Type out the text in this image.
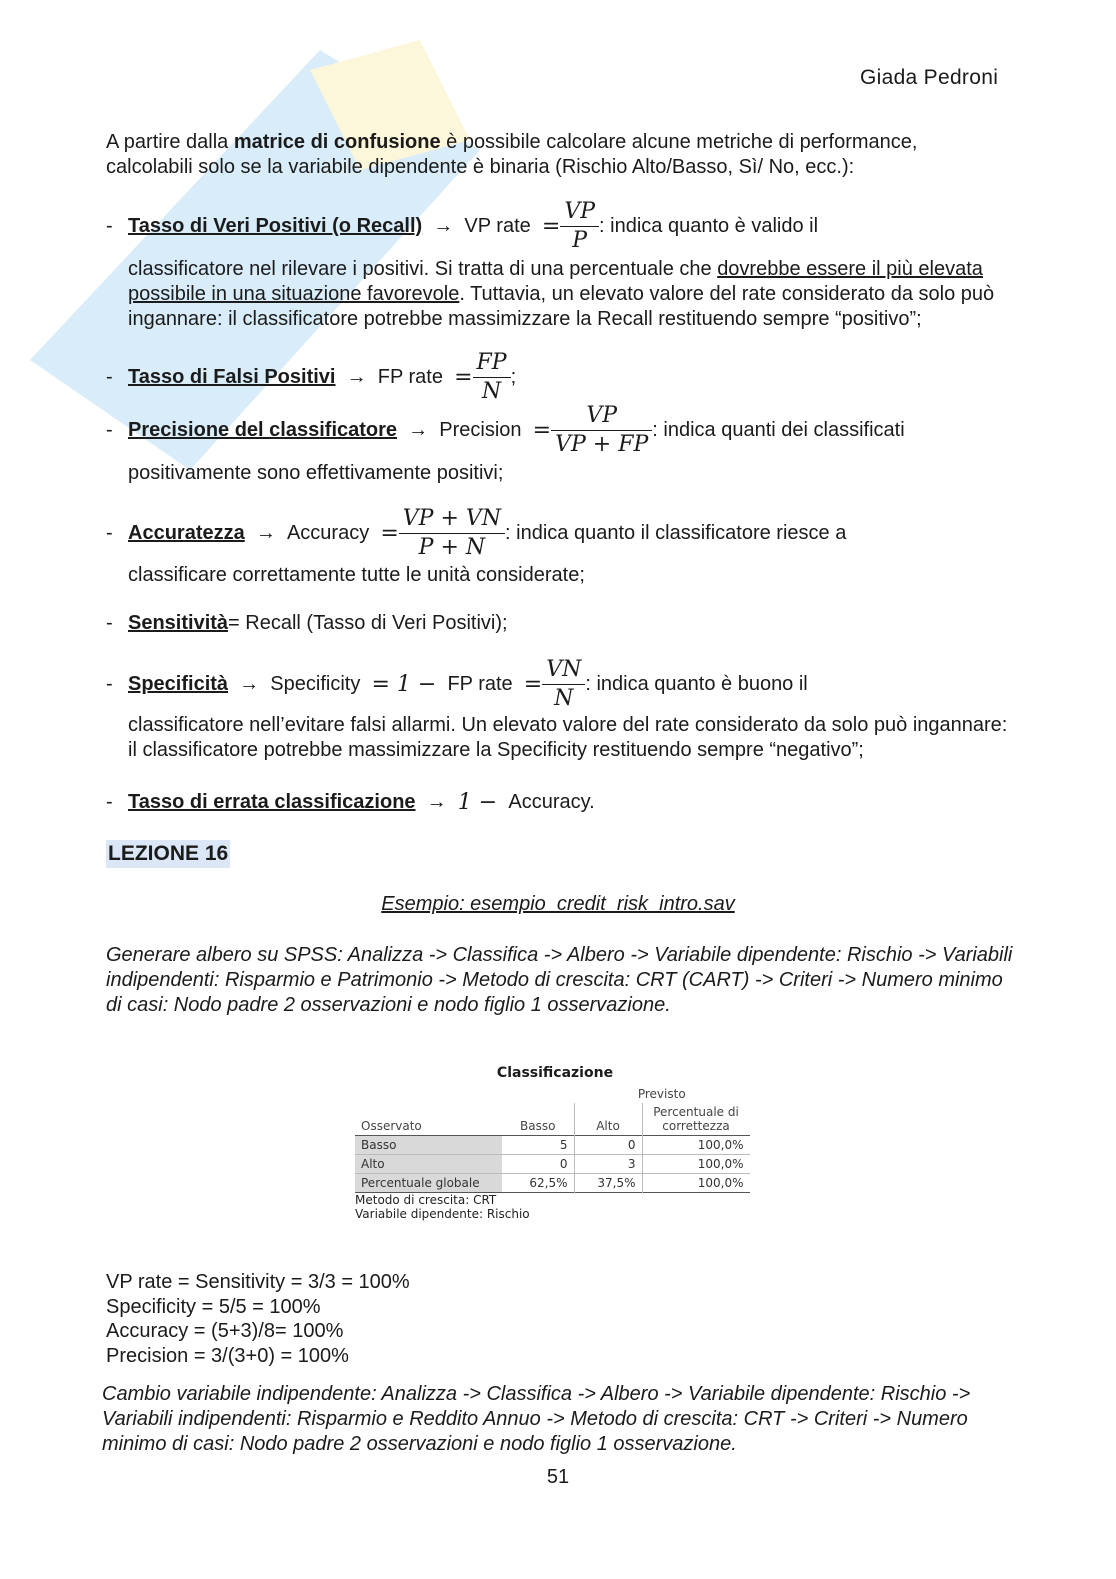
Giada Pedroni
A partire dalla matrice di confusione è possibile calcolare alcune metriche di performance, calcolabili solo se la variabile dipendente è binaria (Rischio Alto/Basso, Sì/ No, ecc.):
- Tasso di Veri Positivi (o Recall)
→
VP rate
= $\frac{VP}{P}$ : indica quanto è valido il
classificatore nel rilevare i positivi. Si tratta di una percentuale che dovrebbe essere il più elevata possibile in una situazione favorevole. Tuttavia, un elevato valore del rate considerato da solo può ingannare: il classificatore potrebbe massimizzare la Recall restituendo sempre “positivo”;
- Tasso di Falsi Positivi
→
FP rate
= $\frac{FP}{N}$ ;
- Precisione del classificatore
→
Precision
= $\frac{VP}{VP + FP}$ : indica quanti dei classificati
positivamente sono effettivamente positivi;
- Accuratezza
→
Accuracy
= $\frac{VP + VN}{P + N}$ : indica quanto il classificatore riesce a
classificare correttamente tutte le unità considerate;
- Sensitività = Recall (Tasso di Veri Positivi);
- Specificità
→
Specificity
= 1 −
FP rate
= $\frac{VN}{N}$ : indica quanto è buono il
classificatore nell’evitare falsi allarmi. Un elevato valore del rate considerato da solo può ingannare: il classificatore potrebbe massimizzare la Specificity restituendo sempre “negativo”;
- Tasso di errata classificazione
→
1 −
Accuracy.
LEZIONE 16
Esempio: esempio_credit_risk_intro.sav
Generare albero su SPSS: Analizza -> Classifica -> Albero -> Variabile dipendente: Rischio -> Variabili indipendenti: Risparmio e Patrimonio -> Metodo di crescita: CRT (CART) -> Criteri -> Numero minimo di casi: Nodo padre 2 osservazioni e nodo figlio 1 osservazione.
Classificazione
		Previsto	
Osservato	Basso	Alto	Percentuale di correttezza
Basso	5	0	100,0%
Alto	0	3	100,0%
Percentuale globale	62,5%	37,5%	100,0%
Metodo di crescita: CRT
Variabile dipendente: Rischio
VP rate = Sensitivity = 3/3 = 100%
Specificity = 5/5 = 100%
Accuracy = (5+3)/8= 100%
Precision = 3/(3+0) = 100%
Cambio variabile indipendente: Analizza -> Classifica -> Albero -> Variabile dipendente: Rischio -> Variabili indipendenti: Risparmio e Reddito Annuo -> Metodo di crescita: CRT -> Criteri -> Numero minimo di casi: Nodo padre 2 osservazioni e nodo figlio 1 osservazione.
51
